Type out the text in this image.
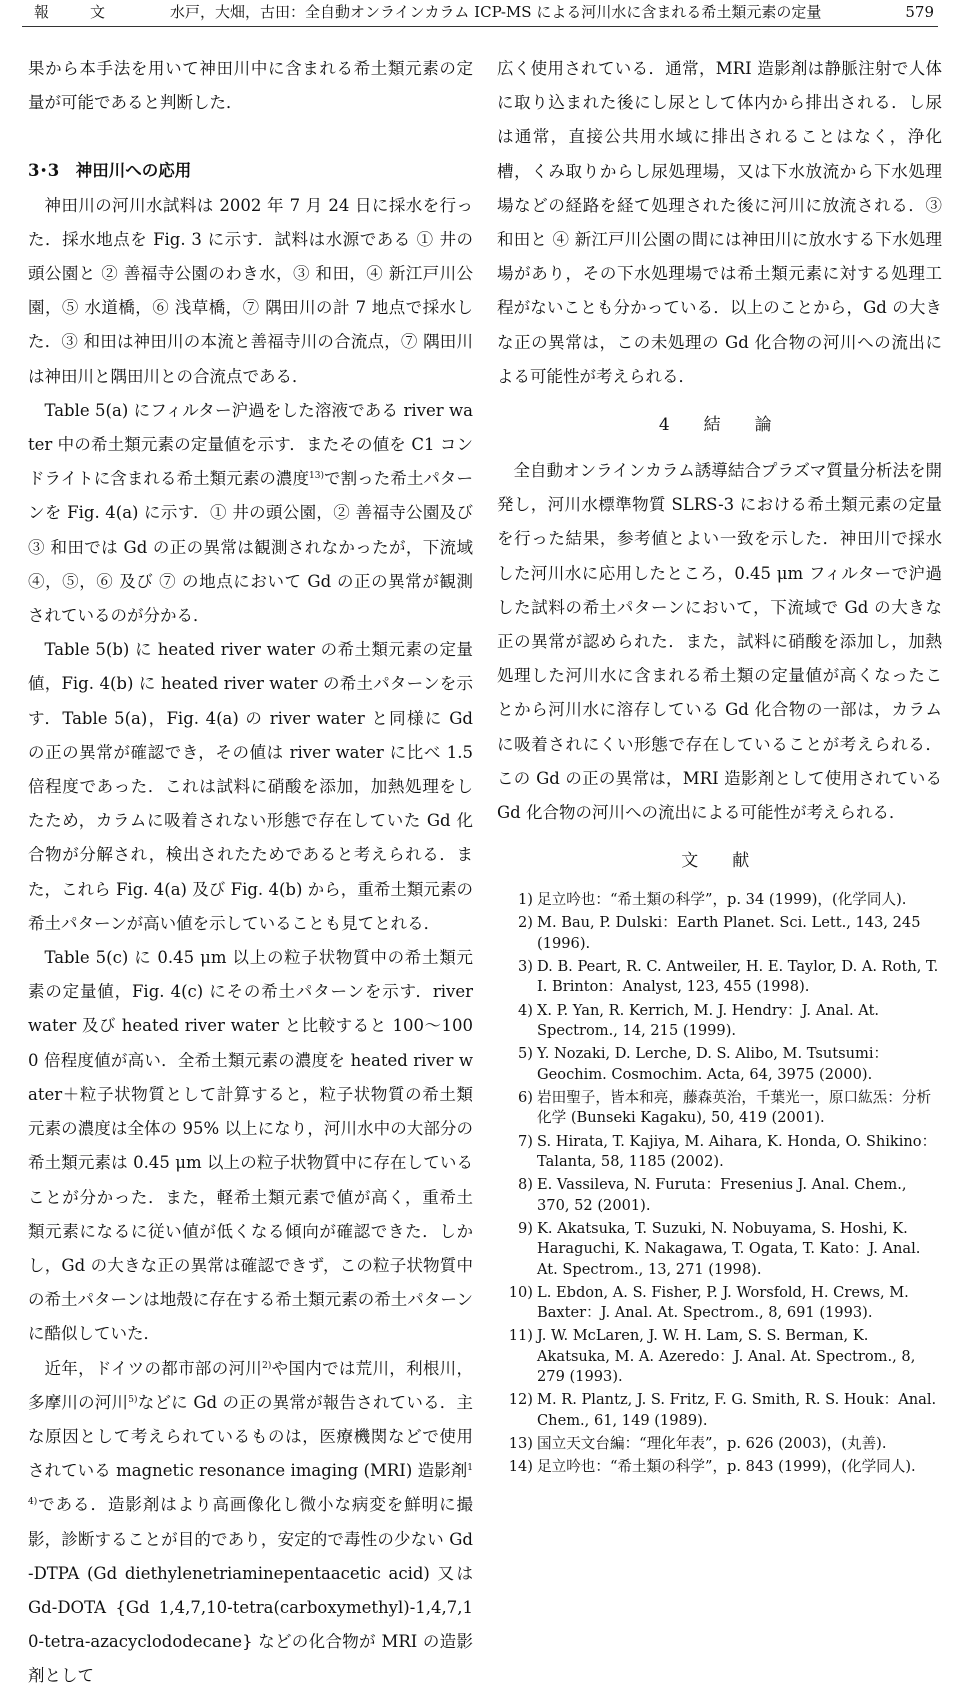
報	文	水戸，大畑，古田：全自動オンラインカラム ICP-MS による河川水に含まれる希土類元素の定量	579

果から本手法を用いて神田川中に含まれる希土類元素の定量が可能であると判断した．

3･3　神田川への応用

神田川の河川水試料は 2002 年 7 月 24 日に採水を行った．採水地点を Fig. 3 に示す．試料は水源である ① 井の頭公園と ② 善福寺公園のわき水，③ 和田，④ 新江戸川公園，⑤ 水道橋，⑥ 浅草橋，⑦ 隅田川の計 7 地点で採水した．③ 和田は神田川の本流と善福寺川の合流点，⑦ 隅田川は神田川と隅田川との合流点である．

Table 5(a) にフィルター沪過をした溶液である river water 中の希土類元素の定量値を示す．またその値を C1 コンドライトに含まれる希土類元素の濃度$^{13)}$で割った希土パターンを Fig. 4(a) に示す．① 井の頭公園，② 善福寺公園及び ③ 和田では Gd の正の異常は観測されなかったが，下流域 ④，⑤，⑥ 及び ⑦ の地点において Gd の正の異常が観測されているのが分かる．

Table 5(b) に heated river water の希土類元素の定量値，Fig. 4(b) に heated river water の希土パターンを示す．Table 5(a)，Fig. 4(a) の river water と同様に Gd の正の異常が確認でき，その値は river water に比べ 1.5 倍程度であった．これは試料に硝酸を添加，加熱処理をしたため，カラムに吸着されない形態で存在していた Gd 化合物が分解され，検出されたためであると考えられる．また，これら Fig. 4(a) 及び Fig. 4(b) から，重希土類元素の希土パターンが高い値を示していることも見てとれる．

Table 5(c) に 0.45 μm 以上の粒子状物質中の希土類元素の定量値，Fig. 4(c) にその希土パターンを示す．river water 及び heated river water と比較すると 100～1000 倍程度値が高い．全希土類元素の濃度を heated river water＋粒子状物質として計算すると，粒子状物質の希土類元素の濃度は全体の 95% 以上になり，河川水中の大部分の希土類元素は 0.45 μm 以上の粒子状物質中に存在していることが分かった．また，軽希土類元素で値が高く，重希土類元素になるに従い値が低くなる傾向が確認できた．しかし，Gd の大きな正の異常は確認できず，この粒子状物質中の希土パターンは地殻に存在する希土類元素の希土パターンに酷似していた．

近年，ドイツの都市部の河川$^{2)}$や国内では荒川，利根川，多摩川の河川$^{5)}$などに Gd の正の異常が報告されている．主な原因として考えられているものは，医療機関などで使用されている magnetic resonance imaging (MRI) 造影剤$^{14)}$である．造影剤はより高画像化し微小な病変を鮮明に撮影，診断することが目的であり，安定的で毒性の少ない Gd-DTPA (Gd diethylenetriaminepentaacetic acid) 又は Gd-DOTA {Gd 1,4,7,10-tetra(carboxymethyl)-1,4,7,10-tetra-azacyclododecane} などの化合物が MRI の造影剤として

広く使用されている．通常，MRI 造影剤は静脈注射で人体に取り込まれた後にし尿として体内から排出される．し尿は通常，直接公共用水域に排出されることはなく，浄化槽，くみ取りからし尿処理場，又は下水放流から下水処理場などの経路を経て処理された後に河川に放流される．③ 和田と ④ 新江戸川公園の間には神田川に放水する下水処理場があり，その下水処理場では希土類元素に対する処理工程がないことも分かっている．以上のことから，Gd の大きな正の異常は，この未処理の Gd 化合物の河川への流出による可能性が考えられる．

4　結　論

全自動オンラインカラム誘導結合プラズマ質量分析法を開発し，河川水標準物質 SLRS-3 における希土類元素の定量を行った結果，参考値とよい一致を示した．神田川で採水した河川水に応用したところ，0.45 μm フィルターで沪過した試料の希土パターンにおいて，下流域で Gd の大きな正の異常が認められた．また，試料に硝酸を添加し，加熱処理した河川水に含まれる希土類の定量値が高くなったことから河川水に溶存している Gd 化合物の一部は，カラムに吸着されにくい形態で存在していることが考えられる．この Gd の正の異常は，MRI 造影剤として使用されている Gd 化合物の河川への流出による可能性が考えられる．

文　献
1) 足立吟也：“希土類の科学”，p. 34 (1999)，(化学同人).
2) M. Bau, P. Dulski：Earth Planet. Sci. Lett., 143, 245 (1996).
3) D. B. Peart, R. C. Antweiler, H. E. Taylor, D. A. Roth, T. I. Brinton：Analyst, 123, 455 (1998).
4) X. P. Yan, R. Kerrich, M. J. Hendry：J. Anal. At. Spectrom., 14, 215 (1999).
5) Y. Nozaki, D. Lerche, D. S. Alibo, M. Tsutsumi：Geochim. Cosmochim. Acta, 64, 3975 (2000).
6) 岩田聖子，皆本和亮，藤森英治，千葉光一，原口紘炁：分析化学 (Bunseki Kagaku), 50, 419 (2001).
7) S. Hirata, T. Kajiya, M. Aihara, K. Honda, O. Shikino：Talanta, 58, 1185 (2002).
8) E. Vassileva, N. Furuta：Fresenius J. Anal. Chem., 370, 52 (2001).
9) K. Akatsuka, T. Suzuki, N. Nobuyama, S. Hoshi, K. Haraguchi, K. Nakagawa, T. Ogata, T. Kato：J. Anal. At. Spectrom., 13, 271 (1998).
10) L. Ebdon, A. S. Fisher, P. J. Worsfold, H. Crews, M. Baxter：J. Anal. At. Spectrom., 8, 691 (1993).
11) J. W. McLaren, J. W. H. Lam, S. S. Berman, K. Akatsuka, M. A. Azeredo：J. Anal. At. Spectrom., 8, 279 (1993).
12) M. R. Plantz, J. S. Fritz, F. G. Smith, R. S. Houk：Anal. Chem., 61, 149 (1989).
13) 国立天文台編：“理化年表”，p. 626 (2003)，(丸善).
14) 足立吟也：“希土類の科学”，p. 843 (1999)，(化学同人).
